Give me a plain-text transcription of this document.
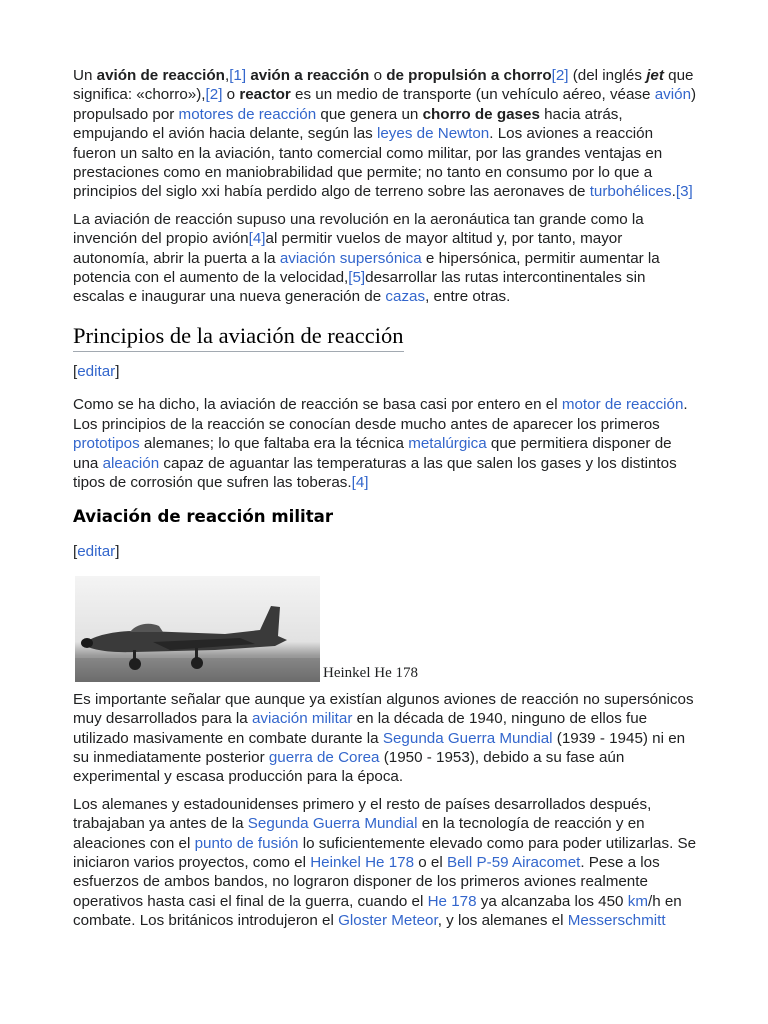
Un avión de reacción,[1] avión a reacción o de propulsión a chorro[2] (del inglés jet que significa: «chorro»),[2] o reactor es un medio de transporte (un vehículo aéreo, véase avión) propulsado por motores de reacción que genera un chorro de gases hacia atrás, empujando el avión hacia delante, según las leyes de Newton. Los aviones a reacción fueron un salto en la aviación, tanto comercial como militar, por las grandes ventajas en prestaciones como en maniobrabilidad que permite; no tanto en consumo por lo que a principios del siglo xxi había perdido algo de terreno sobre las aeronaves de turbohélices.[3]

La aviación de reacción supuso una revolución en la aeronáutica tan grande como la invención del propio avión[4]al permitir vuelos de mayor altitud y, por tanto, mayor autonomía, abrir la puerta a la aviación supersónica e hipersónica, permitir aumentar la potencia con el aumento de la velocidad,[5]desarrollar las rutas intercontinentales sin escalas e inaugurar una nueva generación de cazas, entre otras.

Principios de la aviación de reacción

[editar]

Como se ha dicho, la aviación de reacción se basa casi por entero en el motor de reacción. Los principios de la reacción se conocían desde mucho antes de aparecer los primeros prototipos alemanes; lo que faltaba era la técnica metalúrgica que permitiera disponer de una aleación capaz de aguantar las temperaturas a las que salen los gases y los distintos tipos de corrosión que sufren las toberas.[4]

Aviación de reacción militar

[editar]

Heinkel He 178

Es importante señalar que aunque ya existían algunos aviones de reacción no supersónicos muy desarrollados para la aviación militar en la década de 1940, ninguno de ellos fue utilizado masivamente en combate durante la Segunda Guerra Mundial (1939 - 1945) ni en su inmediatamente posterior guerra de Corea (1950 - 1953), debido a su fase aún experimental y escasa producción para la época.

Los alemanes y estadounidenses primero y el resto de países desarrollados después, trabajaban ya antes de la Segunda Guerra Mundial en la tecnología de reacción y en aleaciones con el punto de fusión lo suficientemente elevado como para poder utilizarlas. Se iniciaron varios proyectos, como el Heinkel He 178 o el Bell P-59 Airacomet. Pese a los esfuerzos de ambos bandos, no lograron disponer de los primeros aviones realmente operativos hasta casi el final de la guerra, cuando el He 178 ya alcanzaba los 450 km/h en combate. Los británicos introdujeron el Gloster Meteor, y los alemanes el Messerschmitt
